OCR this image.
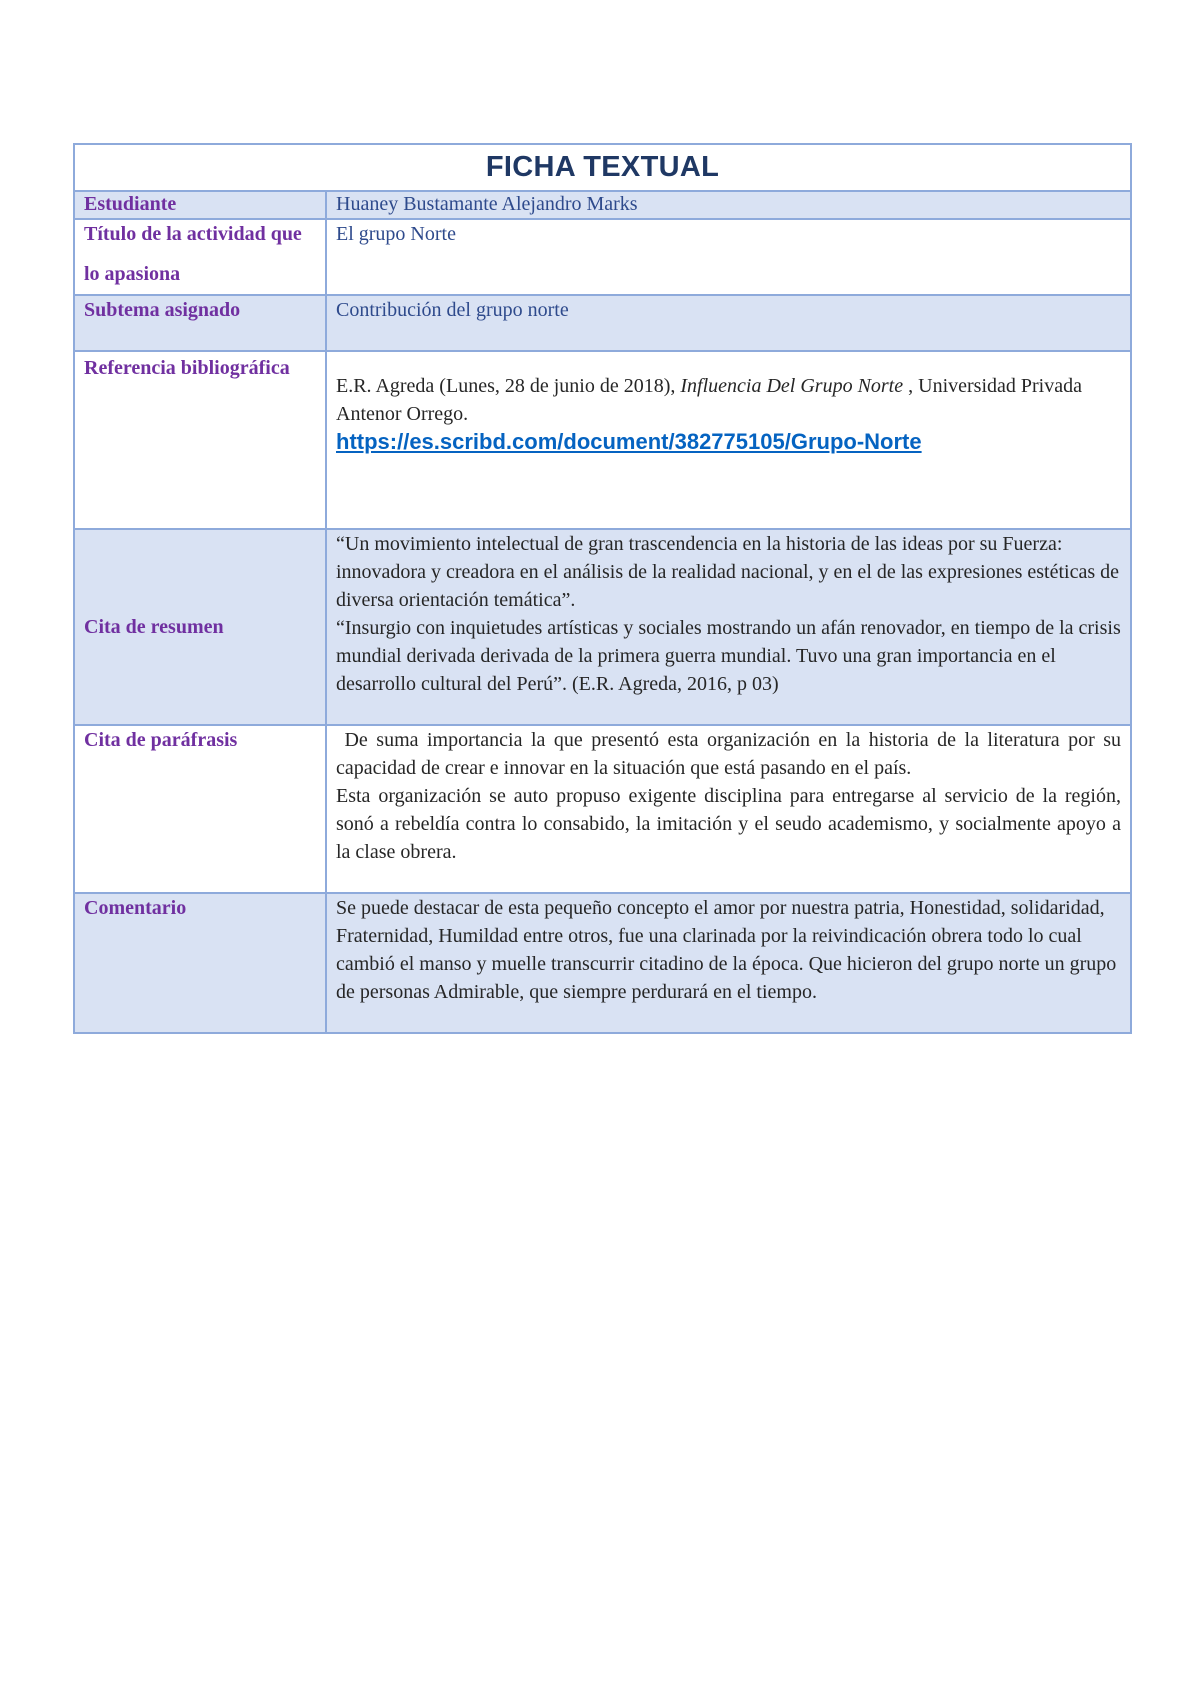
FICHA TEXTUAL	

Estudiante	Huaney Bustamante Alejandro Marks

Título de la actividad que lo apasiona	El grupo Norte

Subtema asignado	Contribución del grupo norte

Referencia bibliográfica	E.R. Agreda (Lunes, 28 de junio de 2018), Influencia Del Grupo Norte , Universidad Privada Antenor Orrego.
https://es.scribd.com/document/382775105/Grupo-Norte

Cita de resumen	“Un movimiento intelectual de gran trascendencia en la historia de las ideas por su Fuerza: innovadora y creadora en el análisis de la realidad nacional, y en el de las expresiones estéticas de diversa orientación temática”.
“Insurgio con inquietudes artísticas y sociales mostrando un afán renovador, en tiempo de la crisis mundial derivada derivada de la primera guerra mundial. Tuvo una gran importancia en el desarrollo cultural del Perú”. (E.R. Agreda, 2016, p 03)

Cita de paráfrasis	De suma importancia la que presentó esta organización en la historia de la literatura por su capacidad de crear e innovar en la situación que está pasando en el país.
Esta organización se auto propuso exigente disciplina para entregarse al servicio de la región, sonó a rebeldía contra lo consabido, la imitación y el seudo academismo, y socialmente apoyo a la clase obrera.

Comentario	Se puede destacar de esta pequeño concepto el amor por nuestra patria, Honestidad, solidaridad, Fraternidad, Humildad entre otros, fue una clarinada por la reivindicación obrera todo lo cual cambió el manso y muelle transcurrir citadino de la época. Que hicieron del grupo norte un grupo de personas Admirable, que siempre perdurará en el tiempo.
